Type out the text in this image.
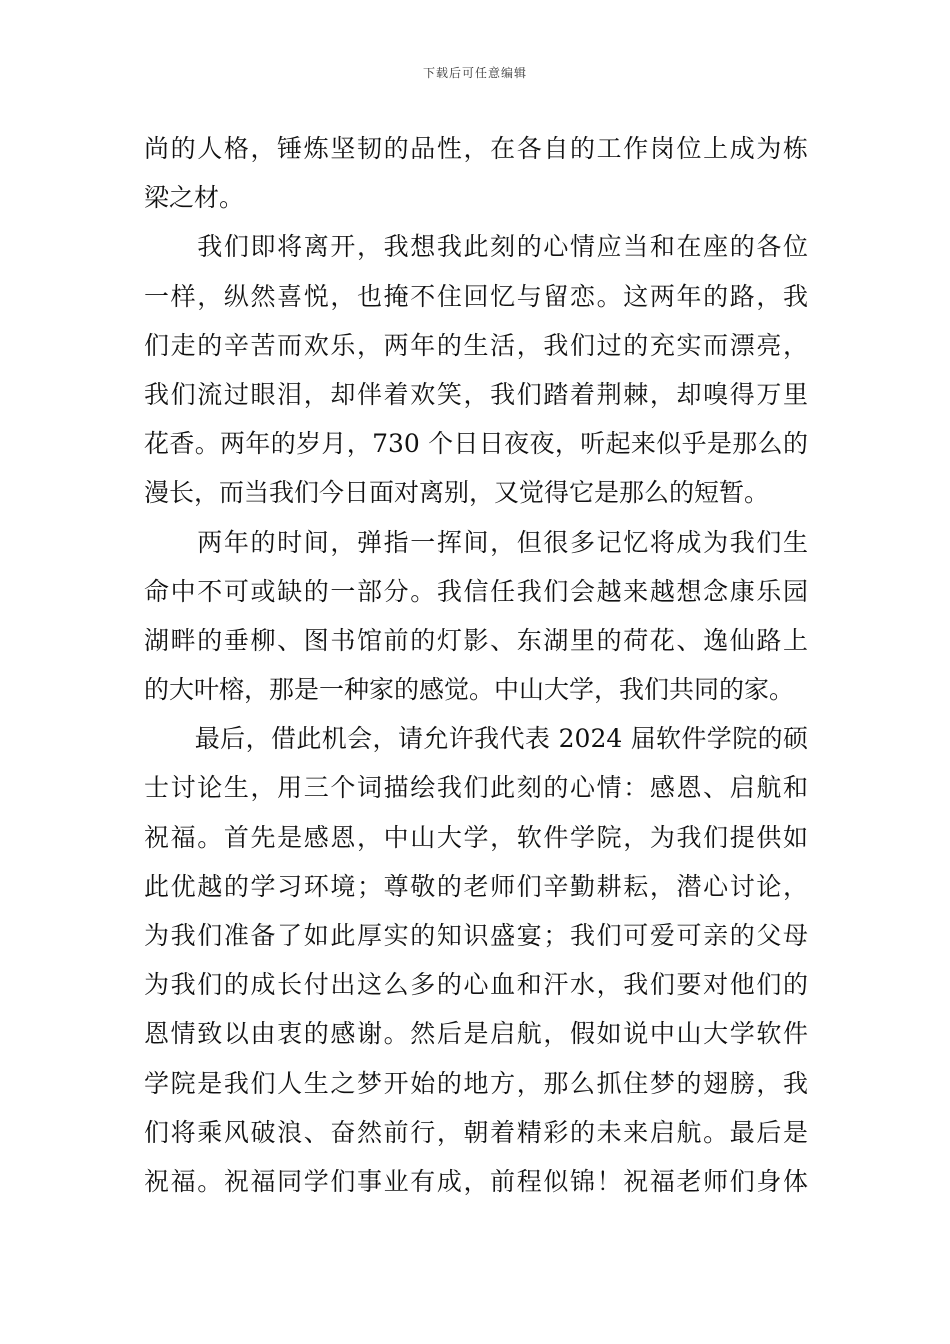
下载后可任意编辑
尚的人格，锤炼坚韧的品性，在各自的工作岗位上成为栋
梁之材。
　　我们即将离开，我想我此刻的心情应当和在座的各位
一样，纵然喜悦，也掩不住回忆与留恋。这两年的路，我
们走的辛苦而欢乐，两年的生活，我们过的充实而漂亮，
我们流过眼泪，却伴着欢笑，我们踏着荆棘，却嗅得万里
花香。两年的岁月，730 个日日夜夜，听起来似乎是那么的
漫长，而当我们今日面对离别，又觉得它是那么的短暂。
　　两年的时间，弹指一挥间，但很多记忆将成为我们生
命中不可或缺的一部分。我信任我们会越来越想念康乐园
湖畔的垂柳、图书馆前的灯影、东湖里的荷花、逸仙路上
的大叶榕，那是一种家的感觉。中山大学，我们共同的家。
　　最后，借此机会，请允许我代表 2024 届软件学院的硕
士讨论生，用三个词描绘我们此刻的心情：感恩、启航和
祝福。首先是感恩，中山大学，软件学院，为我们提供如
此优越的学习环境；尊敬的老师们辛勤耕耘，潜心讨论，
为我们准备了如此厚实的知识盛宴；我们可爱可亲的父母
为我们的成长付出这么多的心血和汗水，我们要对他们的
恩情致以由衷的感谢。然后是启航，假如说中山大学软件
学院是我们人生之梦开始的地方，那么抓住梦的翅膀，我
们将乘风破浪、奋然前行，朝着精彩的未来启航。最后是
祝福。祝福同学们事业有成，前程似锦！祝福老师们身体
